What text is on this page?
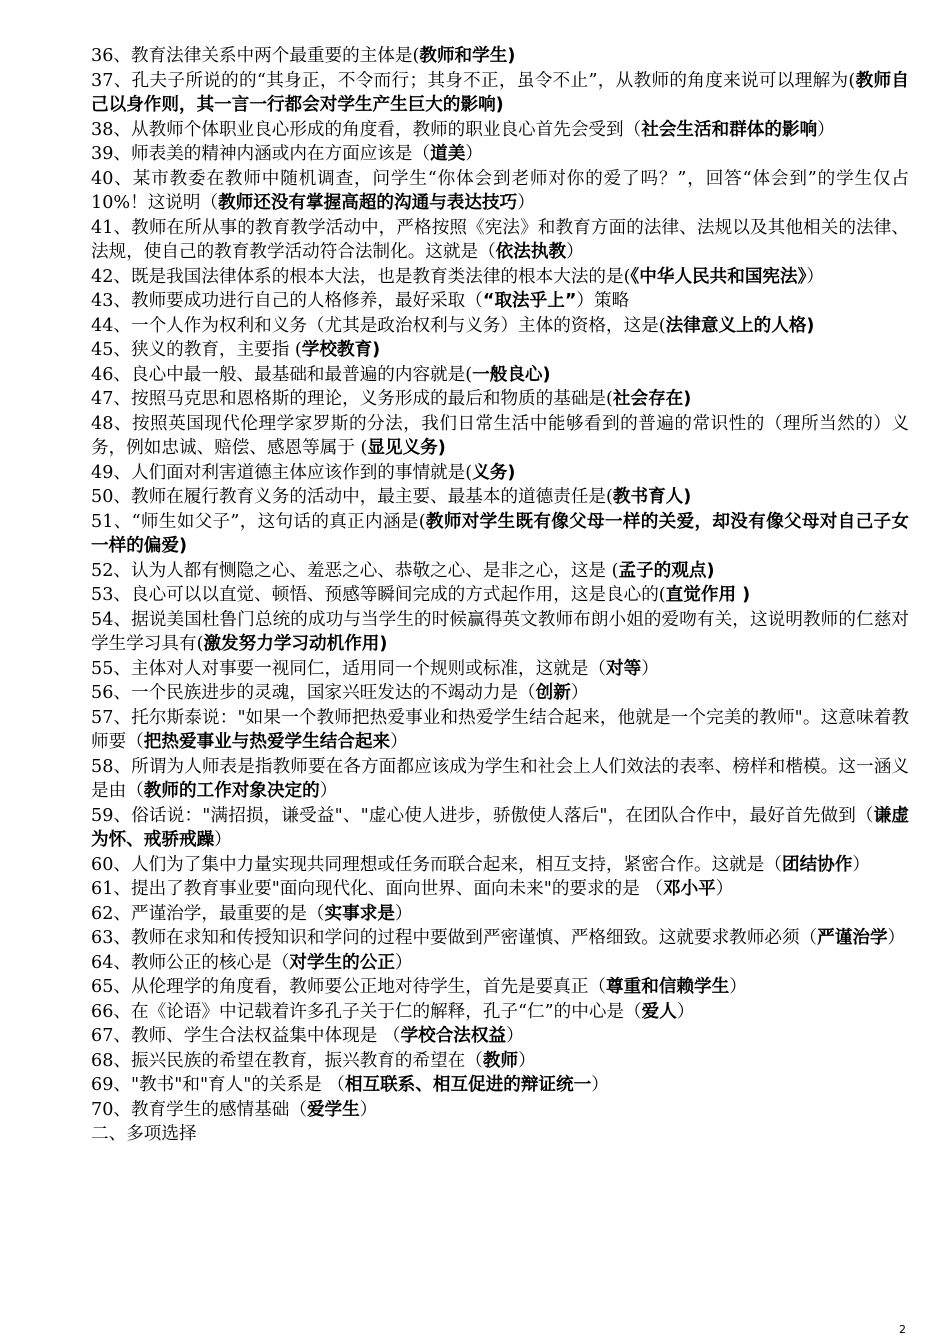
36、教育法律关系中两个最重要的主体是(教师和学生)

37、孔夫子所说的的“其身正，不令而行；其身不正，虽令不止”，从教师的角度来说可以理解为(教师自己以身作则，其一言一行都会对学生产生巨大的影响)

38、从教师个体职业良心形成的角度看，教师的职业良心首先会受到（社会生活和群体的影响）

39、师表美的精神内涵或内在方面应该是（道美）

40、某市教委在教师中随机调查，问学生“你体会到老师对你的爱了吗？”，回答“体会到”的学生仅占 10%！这说明（教师还没有掌握高超的沟通与表达技巧）

41、教师在所从事的教育教学活动中，严格按照《宪法》和教育方面的法律、法规以及其他相关的法律、法规，使自己的教育教学活动符合法制化。这就是（依法执教）

42、既是我国法律体系的根本大法，也是教育类法律的根本大法的是(《中华人民共和国宪法》）

43、教师要成功进行自己的人格修养，最好采取（“取法乎上”）策略

44、一个人作为权利和义务（尤其是政治权利与义务）主体的资格，这是(法律意义上的人格)

45、狭义的教育，主要指 (学校教育)

46、良心中最一般、最基础和最普遍的内容就是(一般良心)

47、按照马克思和恩格斯的理论，义务形成的最后和物质的基础是(社会存在)

48、按照英国现代伦理学家罗斯的分法，我们日常生活中能够看到的普遍的常识性的（理所当然的）义务，例如忠诚、赔偿、感恩等属于 (显见义务)

49、人们面对利害道德主体应该作到的事情就是(义务)

50、教师在履行教育义务的活动中，最主要、最基本的道德责任是(教书育人)

51、“师生如父子”，这句话的真正内涵是(教师对学生既有像父母一样的关爱，却没有像父母对自己子女一样的偏爱)

52、认为人都有恻隐之心、羞恶之心、恭敬之心、是非之心，这是 (孟子的观点)

53、良心可以以直觉、顿悟、预感等瞬间完成的方式起作用，这是良心的(直觉作用 )

54、据说美国杜鲁门总统的成功与当学生的时候赢得英文教师布朗小姐的爱吻有关，这说明教师的仁慈对学生学习具有(激发努力学习动机作用)

55、主体对人对事要一视同仁，适用同一个规则或标准，这就是（对等）

56、一个民族进步的灵魂，国家兴旺发达的不竭动力是（创新）

57、托尔斯泰说："如果一个教师把热爱事业和热爱学生结合起来，他就是一个完美的教师"。这意味着教师要（把热爱事业与热爱学生结合起来）

58、所谓为人师表是指教师要在各方面都应该成为学生和社会上人们效法的表率、榜样和楷模。这一涵义是由（教师的工作对象决定的）

59、俗话说："满招损，谦受益"、"虚心使人进步，骄傲使人落后"，在团队合作中，最好首先做到（谦虚为怀、戒骄戒躁）

60、人们为了集中力量实现共同理想或任务而联合起来，相互支持，紧密合作。这就是（团结协作）

61、提出了教育事业要"面向现代化、面向世界、面向未来"的要求的是 （邓小平）

62、严谨治学，最重要的是（实事求是）

63、教师在求知和传授知识和学问的过程中要做到严密谨慎、严格细致。这就要求教师必须（严谨治学）

64、教师公正的核心是（对学生的公正）

65、从伦理学的角度看，教师要公正地对待学生，首先是要真正（尊重和信赖学生）

66、在《论语》中记载着许多孔子关于仁的解释，孔子“仁”的中心是（爱人）

67、教师、学生合法权益集中体现是 （学校合法权益）

68、振兴民族的希望在教育，振兴教育的希望在（教师）

69、"教书"和"育人"的关系是 （相互联系、相互促进的辩证统一）

70、教育学生的感情基础（爱学生）

二、多项选择

2
